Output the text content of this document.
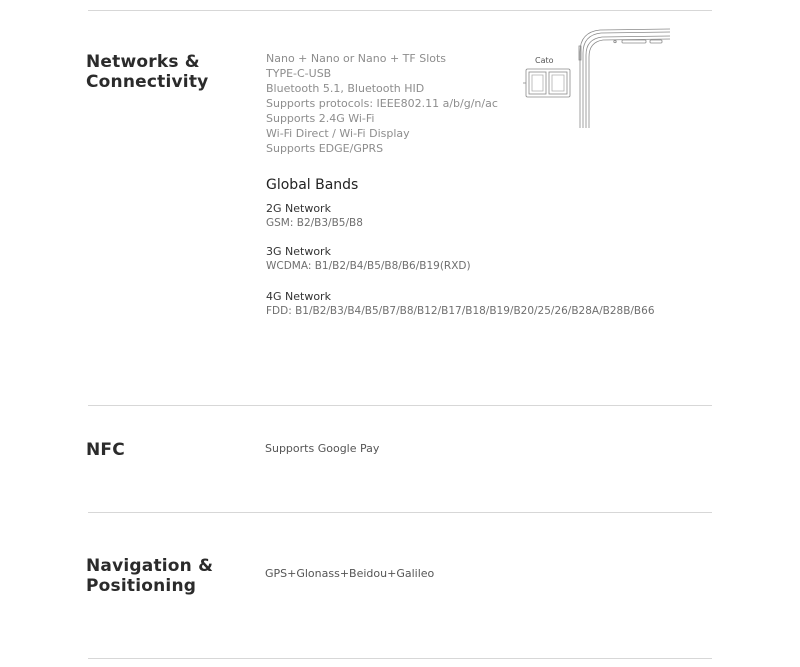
Networks &
Connectivity
Nano + Nano or Nano + TF Slots
TYPE-C-USB
Bluetooth 5.1, Bluetooth HID
Supports protocols: IEEE802.11 a/b/g/n/ac
Supports 2.4G Wi-Fi
Wi-Fi Direct / Wi-Fi Display
Supports EDGE/GPRS
Cato
Global Bands
2G Network
GSM: B2/B3/B5/B8
3G Network
WCDMA: B1/B2/B4/B5/B8/B6/B19(RXD)
4G Network
FDD: B1/B2/B3/B4/B5/B7/B8/B12/B17/B18/B19/B20/25/26/B28A/B28B/B66
NFC	Supports Google Pay
Navigation &
Positioning
GPS+Glonass+Beidou+Galileo
